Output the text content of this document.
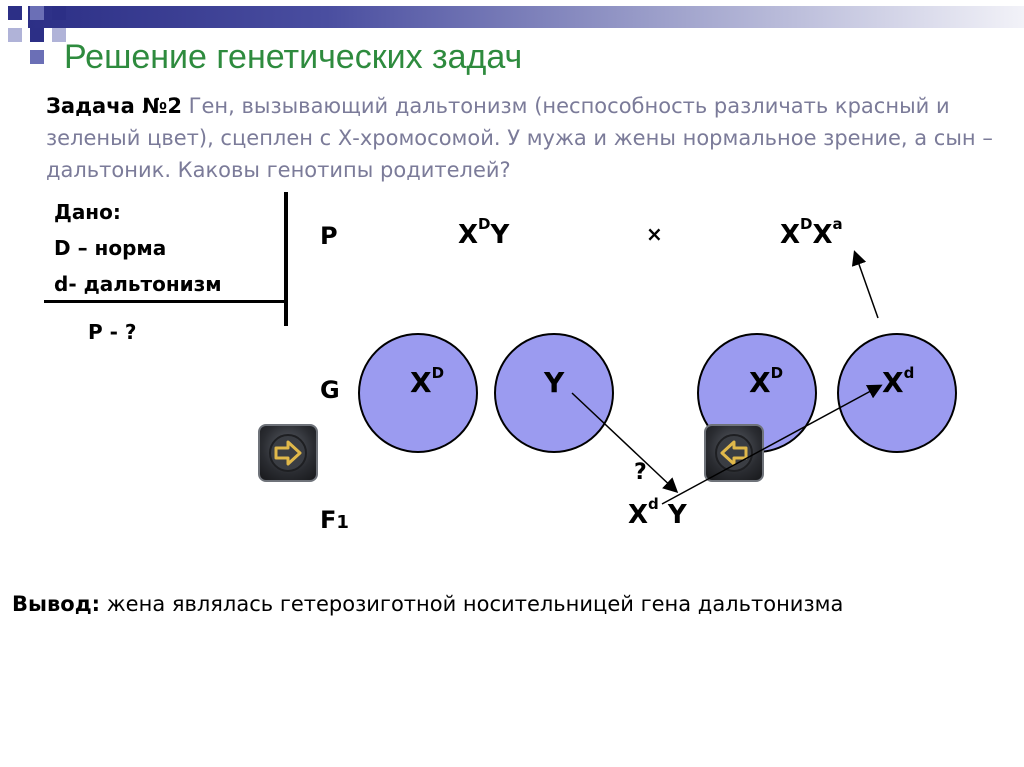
Решение генетических задач
Задача №2 Ген, вызывающий дальтонизм (неспособность различать красный и зеленый цвет), сцеплен с Х-хромосомой. У мужа и жены нормальное зрение, а сын – дальтоник. Каковы генотипы родителей?
Дано:
D – норма
d- дальтонизм
Р - ?
Р	$Х^DY$	×	$Х^DХ^a$
G	$Х^D$	Y	$Х^D$	$Х^d$
F1
?
$Х^d$ Y
Вывод: жена являлась гетерозиготной носительницей гена дальтонизма
